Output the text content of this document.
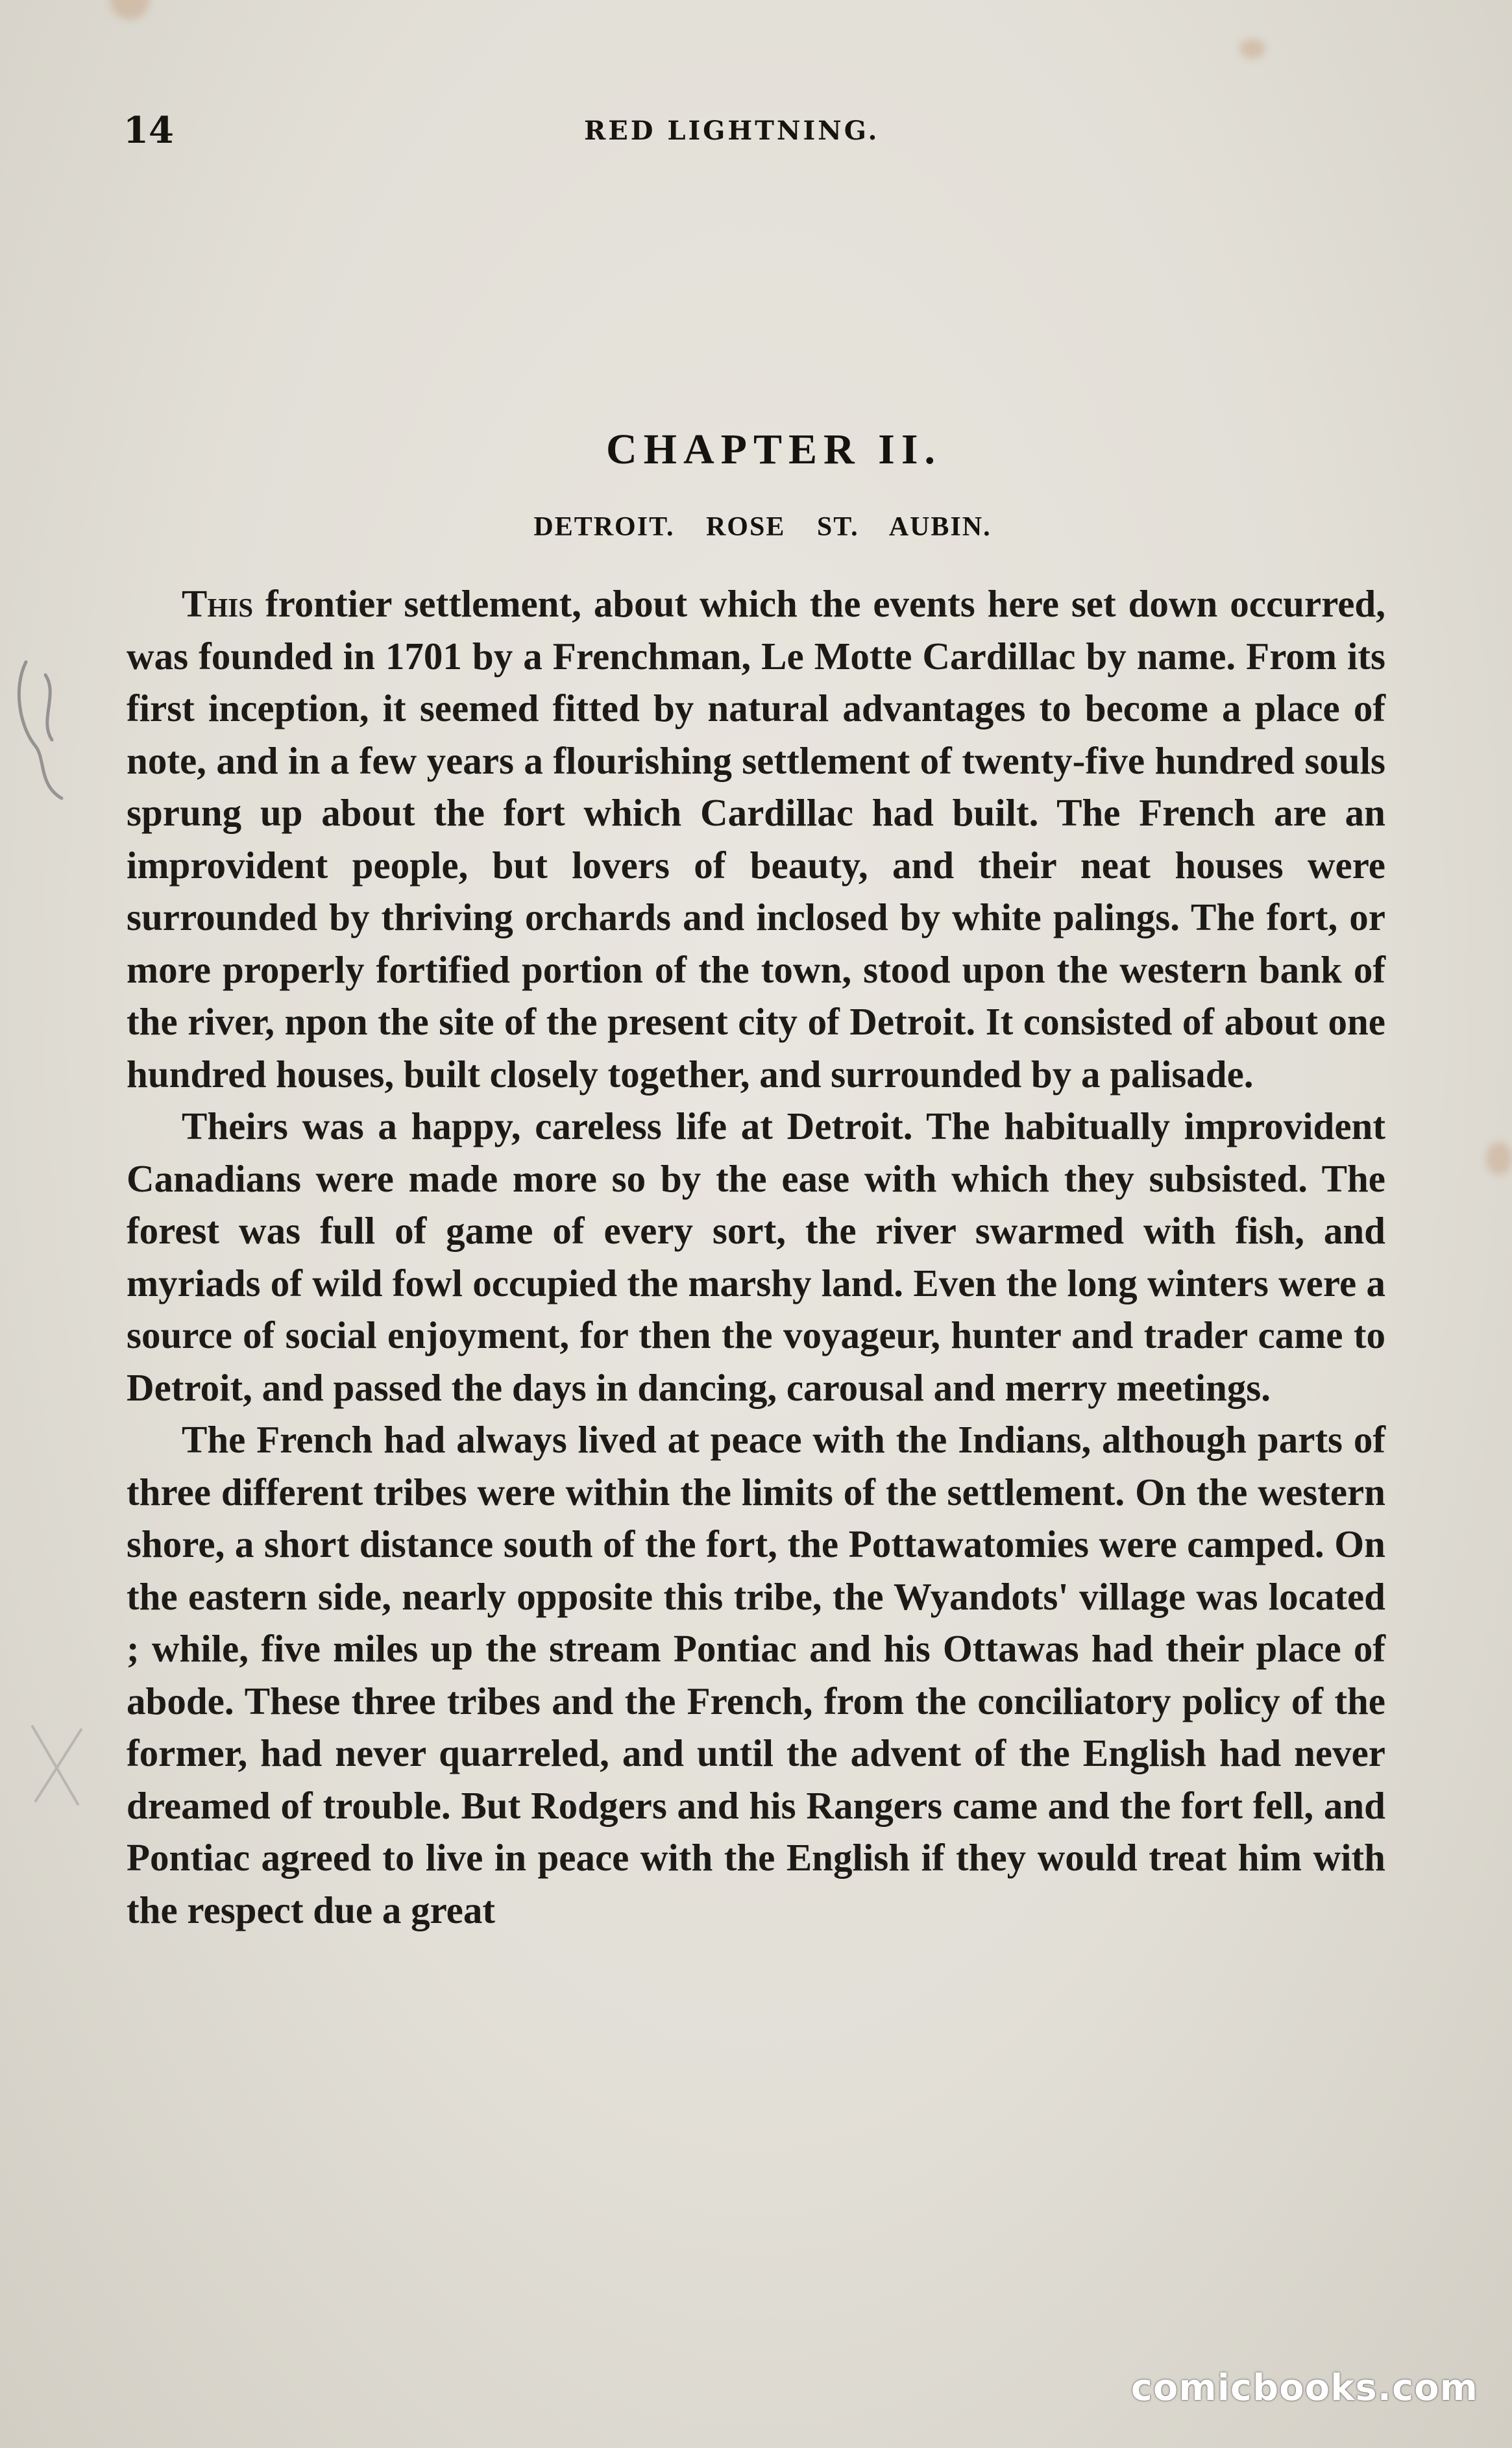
14	RED LIGHTNING.
CHAPTER II.
DETROIT. ROSE ST. AUBIN.

This frontier settlement, about which the events here set down occurred, was founded in 1701 by a Frenchman, Le Motte Cardillac by name. From its first inception, it seemed fitted by natural advantages to become a place of note, and in a few years a flourishing settlement of twenty-five hundred souls sprung up about the fort which Cardillac had built. The French are an improvident people, but lovers of beauty, and their neat houses were surrounded by thriving orchards and inclosed by white palings. The fort, or more properly fortified portion of the town, stood upon the western bank of the river, npon the site of the present city of Detroit. It consisted of about one hundred houses, built closely together, and surrounded by a palisade.

Theirs was a happy, careless life at Detroit. The habitually improvident Canadians were made more so by the ease with which they subsisted. The forest was full of game of every sort, the river swarmed with fish, and myriads of wild fowl occupied the marshy land. Even the long winters were a source of social enjoyment, for then the voyageur, hunter and trader came to Detroit, and passed the days in dancing, carousal and merry meetings.

The French had always lived at peace with the Indians, although parts of three different tribes were within the limits of the settlement. On the western shore, a short distance south of the fort, the Pottawatomies were camped. On the eastern side, nearly opposite this tribe, the Wyandots' village was located ; while, five miles up the stream Pontiac and his Ottawas had their place of abode. These three tribes and the French, from the conciliatory policy of the former, had never quarreled, and until the advent of the English had never dreamed of trouble. But Rodgers and his Rangers came and the fort fell, and Pontiac agreed to live in peace with the English if they would treat him with the respect due a great

comicbooks.com
